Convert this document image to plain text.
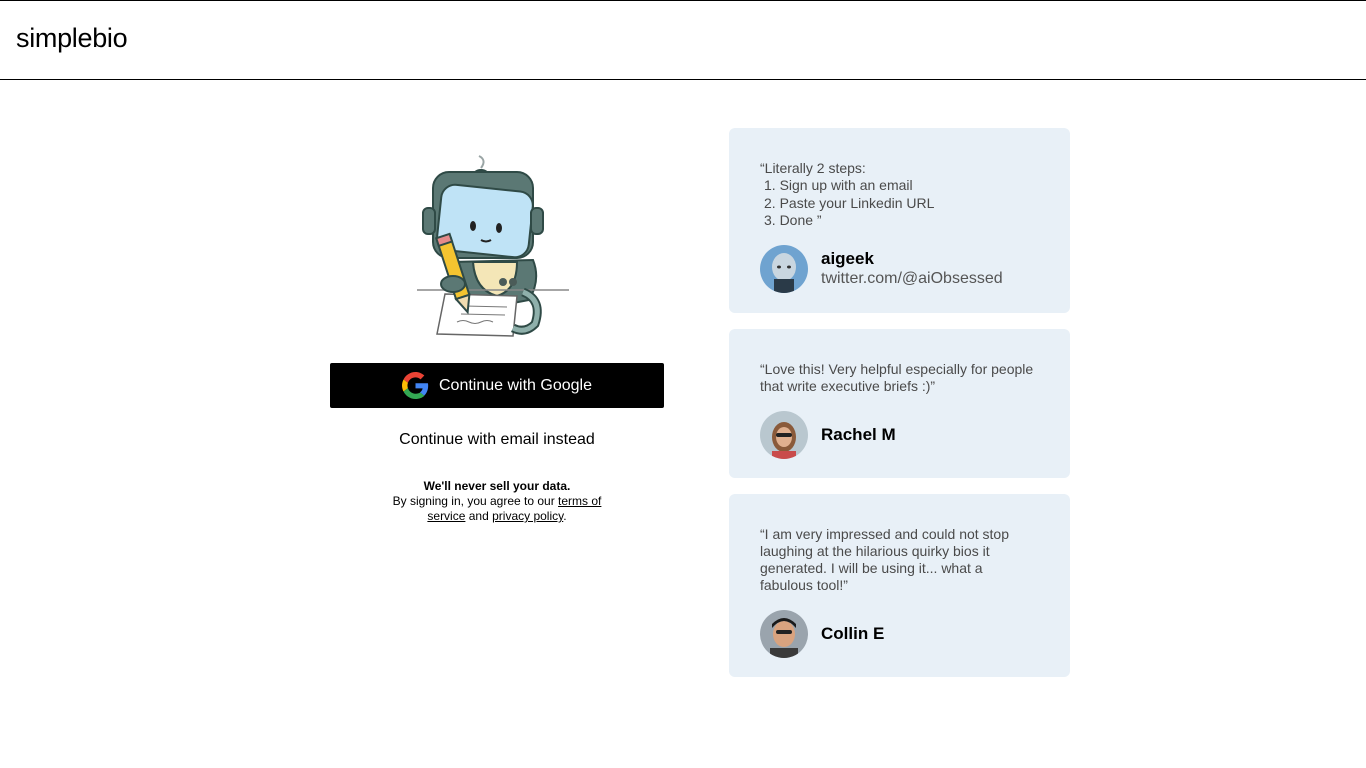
simplebio
Continue with Google
Continue with email instead
We'll never sell your data.
By signing in, you agree to our terms of service and privacy policy.
“Literally 2 steps:
1. Sign up with an email
2. Paste your Linkedin URL
3. Done ”
aigeek
twitter.com/@aiObsessed
“Love this! Very helpful especially for people that write executive briefs :)”
Rachel M
“I am very impressed and could not stop laughing at the hilarious quirky bios it generated. I will be using it... what a fabulous tool!”
Collin E
